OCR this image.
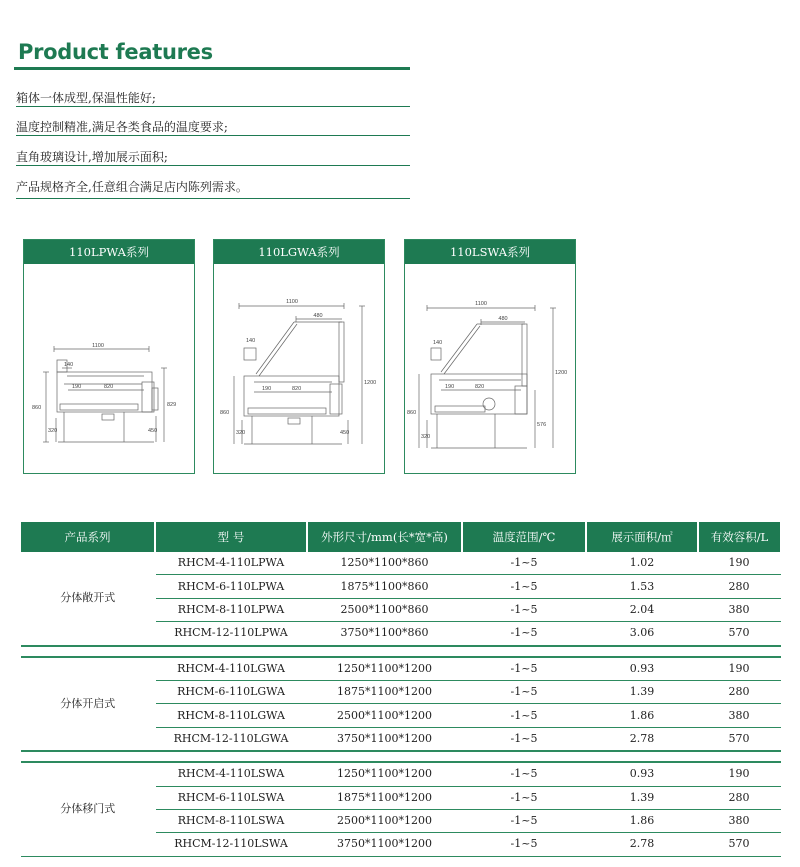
Product features
箱体一体成型,保温性能好;
温度控制精准,满足各类食品的温度要求;
直角玻璃设计,增加展示面积;
产品规格齐全,任意组合满足店内陈列需求。
110LPWA系列
1100
140
190	820
860	829
320	450
110LGWA系列
1100
480
140
190	820
860
1200
320	450
110LSWA系列
1100
480
140
190	820
860
1200
320
576
产品系列	型 号	外形尺寸/mm(长*宽*高)	温度范围/℃	展示面积/㎡	有效容积/L
分体敞开式	RHCM-4-110LPWA	1250*1100*860	-1~5	1.02	190
	RHCM-6-110LPWA	1875*1100*860	-1~5	1.53	280
	RHCM-8-110LPWA	2500*1100*860	-1~5	2.04	380
	RHCM-12-110LPWA	3750*1100*860	-1~5	3.06	570

分体开启式	RHCM-4-110LGWA	1250*1100*1200	-1~5	0.93	190
	RHCM-6-110LGWA	1875*1100*1200	-1~5	1.39	280
	RHCM-8-110LGWA	2500*1100*1200	-1~5	1.86	380
	RHCM-12-110LGWA	3750*1100*1200	-1~5	2.78	570

分体移门式	RHCM-4-110LSWA	1250*1100*1200	-1~5	0.93	190
	RHCM-6-110LSWA	1875*1100*1200	-1~5	1.39	280
	RHCM-8-110LSWA	2500*1100*1200	-1~5	1.86	380
	RHCM-12-110LSWA	3750*1100*1200	-1~5	2.78	570
